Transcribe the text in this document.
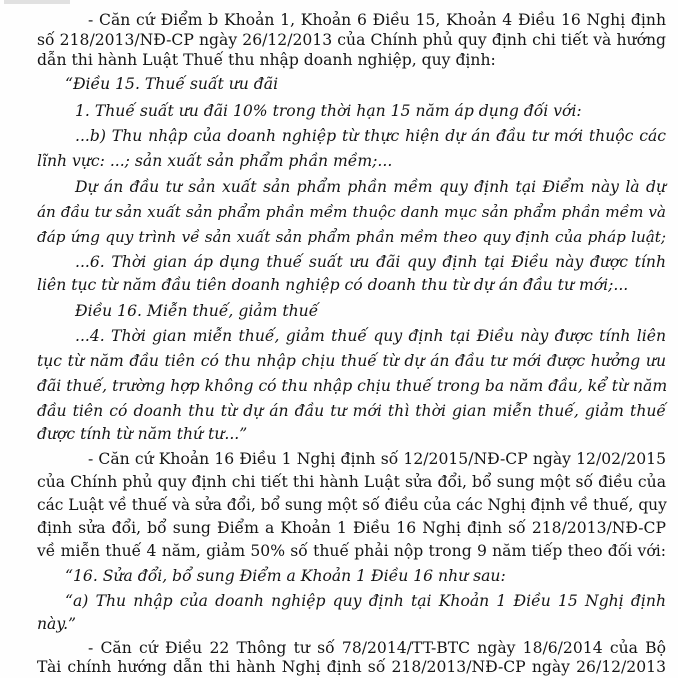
- Căn cứ Điểm b Khoản 1, Khoản 6 Điều 15, Khoản 4 Điều 16 Nghị định
số 218/2013/NĐ-CP ngày 26/12/2013 của Chính phủ quy định chi tiết và hướng
dẫn thi hành Luật Thuế thu nhập doanh nghiệp, quy định:
“Điều 15. Thuế suất ưu đãi
1. Thuế suất ưu đãi 10% trong thời hạn 15 năm áp dụng đối với:
...b) Thu nhập của doanh nghiệp từ thực hiện dự án đầu tư mới thuộc các
lĩnh vực: ...; sản xuất sản phẩm phần mềm;...
Dự án đầu tư sản xuất sản phẩm phần mềm quy định tại Điểm này là dự
án đầu tư sản xuất sản phẩm phần mềm thuộc danh mục sản phẩm phần mềm và
đáp ứng quy trình về sản xuất sản phẩm phần mềm theo quy định của pháp luật;
...6. Thời gian áp dụng thuế suất ưu đãi quy định tại Điều này được tính
liên tục từ năm đầu tiên doanh nghiệp có doanh thu từ dự án đầu tư mới;...
Điều 16. Miễn thuế, giảm thuế
...4. Thời gian miễn thuế, giảm thuế quy định tại Điều này được tính liên
tục từ năm đầu tiên có thu nhập chịu thuế từ dự án đầu tư mới được hưởng ưu
đãi thuế, trường hợp không có thu nhập chịu thuế trong ba năm đầu, kể từ năm
đầu tiên có doanh thu từ dự án đầu tư mới thì thời gian miễn thuế, giảm thuế
được tính từ năm thứ tư...”
- Căn cứ Khoản 16 Điều 1 Nghị định số 12/2015/NĐ-CP ngày 12/02/2015
của Chính phủ quy định chi tiết thi hành Luật sửa đổi, bổ sung một số điều của
các Luật về thuế và sửa đổi, bổ sung một số điều của các Nghị định về thuế, quy
định sửa đổi, bổ sung Điểm a Khoản 1 Điều 16 Nghị định số 218/2013/NĐ-CP
về miễn thuế 4 năm, giảm 50% số thuế phải nộp trong 9 năm tiếp theo đối với:
“16. Sửa đổi, bổ sung Điểm a Khoản 1 Điều 16 như sau:
“a) Thu nhập của doanh nghiệp quy định tại Khoản 1 Điều 15 Nghị định
này.”
- Căn cứ Điều 22 Thông tư số 78/2014/TT-BTC ngày 18/6/2014 của Bộ
Tài chính hướng dẫn thi hành Nghị định số 218/2013/NĐ-CP ngày 26/12/2013
